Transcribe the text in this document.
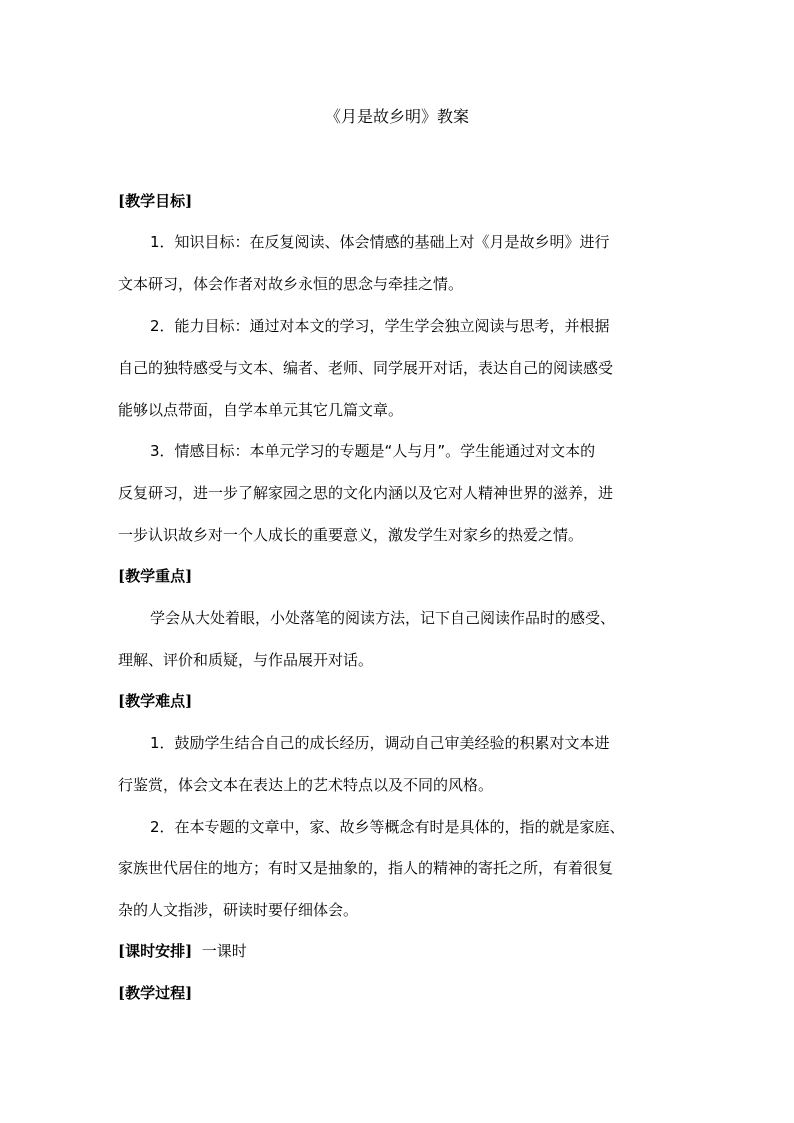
《月是故乡明》教案
[教学目标]
1．知识目标：在反复阅读、体会情感的基础上对《月是故乡明》进行
文本研习，体会作者对故乡永恒的思念与牵挂之情。
2．能力目标：通过对本文的学习，学生学会独立阅读与思考，并根据
自己的独特感受与文本、编者、老师、同学展开对话，表达自己的阅读感受
能够以点带面，自学本单元其它几篇文章。
3．情感目标：本单元学习的专题是“人与月”。学生能通过对文本的
反复研习，进一步了解家园之思的文化内涵以及它对人精神世界的滋养，进
一步认识故乡对一个人成长的重要意义，激发学生对家乡的热爱之情。
[教学重点]
学会从大处着眼，小处落笔的阅读方法，记下自己阅读作品时的感受、
理解、评价和质疑，与作品展开对话。
[教学难点]
1．鼓励学生结合自己的成长经历，调动自己审美经验的积累对文本进
行鉴赏，体会文本在表达上的艺术特点以及不同的风格。
2．在本专题的文章中，家、故乡等概念有时是具体的，指的就是家庭、
家族世代居住的地方；有时又是抽象的，指人的精神的寄托之所，有着很复
杂的人文指涉，研读时要仔细体会。
[课时安排] 一课时
[教学过程]
